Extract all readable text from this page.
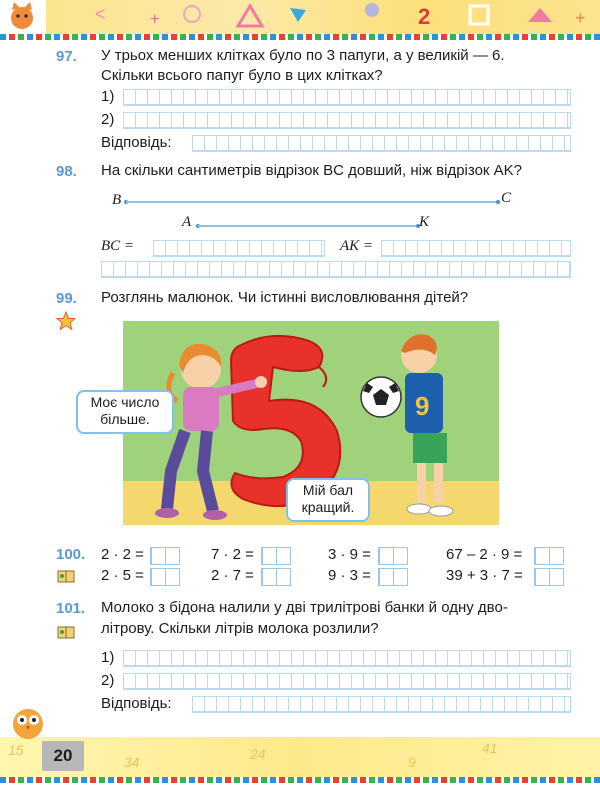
<	+	2	+
97. У трьох менших клітках було по 3 папуги, а у великій — 6.
Скільки всього папуг було в цих клітках?
1)
2)
Відповідь:
98. На скільки сантиметрів відрізок BC довший, ніж відрізок AK?
B	C
A	K
BC =	AK =
99. Розглянь малюнок. Чи істинні висловлювання дітей?
9
Моє число
більше.
Мій бал
кращий.
100. 2 · 2 =	7 · 2 =	3 · 9 =	67 – 2 · 9 =
2 · 5 =	2 · 7 =	9 · 3 =	39 + 3 · 7 =
101. Молоко з бідона налили у дві трилітрові банки й одну дво-
літрову. Скільки літрів молока розлили?
1)
2)
Відповідь:
20	34	24	9
41
15
